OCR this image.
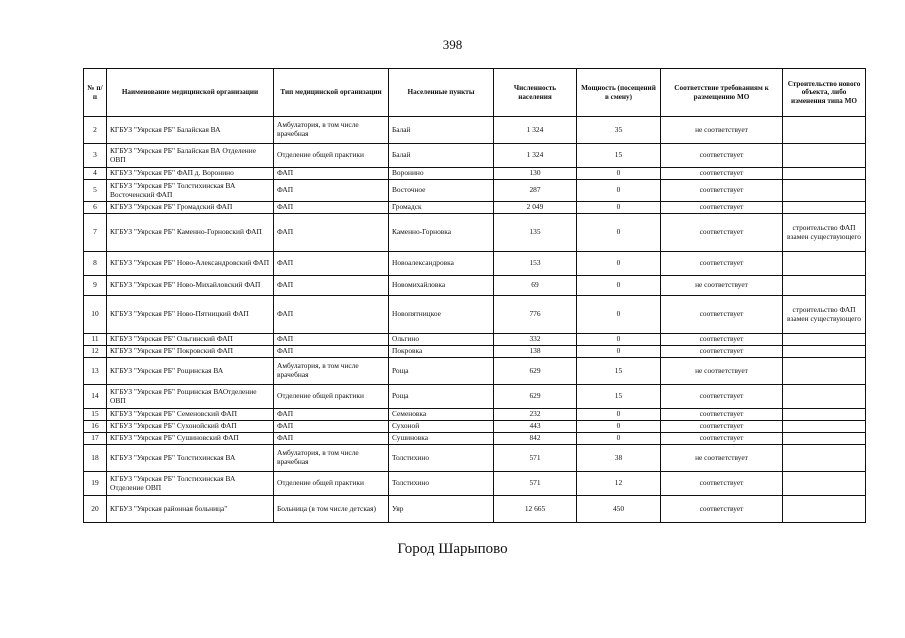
398
№ п/п	Наименование медицинской организации	Тип медицинской организации	Населенные пункты	Численность населения	Мощность (посещений в смену)	Соответствие требованиям к размещению МО	Строительство нового объекта, либо изменения типа МО
2	КГБУЗ "Уярская РБ" Балайская ВА	Амбулатория, в том числе врачебная	Балай	1 324	35	не соответствует	
3	КГБУЗ "Уярская РБ" Балайская ВА Отделение ОВП	Отделение общей практики	Балай	1 324	15	соответствует	
4	КГБУЗ "Уярская РБ" ФАП д. Воронино	ФАП	Воронино	130	0	соответствует	
5	КГБУЗ "Уярская РБ" Толстихинская ВА Восточенский ФАП	ФАП	Восточное	287	0	соответствует	
6	КГБУЗ "Уярская РБ" Громадский ФАП	ФАП	Громадск	2 049	0	соответствует	
7	КГБУЗ "Уярская РБ" Каменно-Горновский ФАП	ФАП	Каменно-Горновка	135	0	соответствует	строительство ФАП взамен существующего
8	КГБУЗ "Уярская РБ" Ново-Александровский ФАП	ФАП	Новоалександровка	153	0	соответствует	
9	КГБУЗ "Уярская РБ" Ново-Михайловский ФАП	ФАП	Новомихайловка	69	0	не соответствует	
10	КГБУЗ "Уярская РБ" Ново-Пятницкий ФАП	ФАП	Новопятницкое	776	0	соответствует	строительство ФАП взамен существующего
11	КГБУЗ "Уярская РБ" Ольгинский ФАП	ФАП	Ольгино	332	0	соответствует	
12	КГБУЗ "Уярская РБ" Покровский ФАП	ФАП	Покровка	138	0	соответствует	
13	КГБУЗ "Уярская РБ" Рощинская ВА	Амбулатория, в том числе врачебная	Роща	629	15	не соответствует	
14	КГБУЗ "Уярская РБ" Рощинская ВАОтделение ОВП	Отделение общей практики	Роща	629	15	соответствует	
15	КГБУЗ "Уярская РБ" Семеновский ФАП	ФАП	Семеновка	232	0	соответствует	
16	КГБУЗ "Уярская РБ" Сухонойский ФАП	ФАП	Сухоной	443	0	соответствует	
17	КГБУЗ "Уярская РБ" Сушиновский ФАП	ФАП	Сушиновка	842	0	соответствует	
18	КГБУЗ "Уярская РБ" Толстихинская ВА	Амбулатория, в том числе врачебная	Толстихино	571	38	не соответствует	
19	КГБУЗ "Уярская РБ" Толстихинская ВА Отделение ОВП	Отделение общей практики	Толстихино	571	12	соответствует	
20	КГБУЗ "Уярская районная больница"	Больница (в том числе детская)	Уяр	12 665	450	соответствует	
Город Шарыпово
